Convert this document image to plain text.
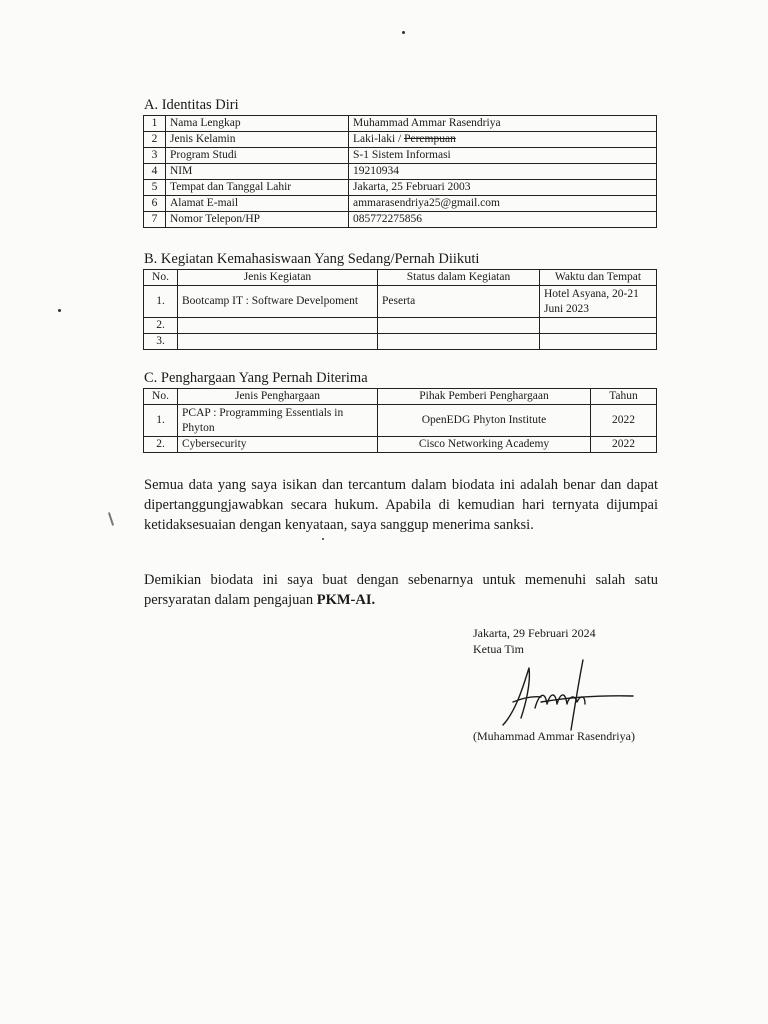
A. Identitas Diri
1	Nama Lengkap	Muhammad Ammar Rasendriya
2	Jenis Kelamin	Laki-laki / Perempuan
3	Program Studi	S-1 Sistem Informasi
4	NIM	19210934
5	Tempat dan Tanggal Lahir	Jakarta, 25 Februari 2003
6	Alamat E-mail	ammarasendriya25@gmail.com
7	Nomor Telepon/HP	085772275856
B. Kegiatan Kemahasiswaan Yang Sedang/Pernah Diikuti
No.	Jenis Kegiatan	Status dalam Kegiatan	Waktu dan Tempat
1.	Bootcamp IT : Software Develpoment	Peserta	Hotel Asyana, 20-21 Juni 2023
2.			
3.			
C. Penghargaan Yang Pernah Diterima
No.	Jenis Penghargaan	Pihak Pemberi Penghargaan	Tahun
1.	PCAP : Programming Essentials in Phyton	OpenEDG Phyton Institute	2022
2.	Cybersecurity	Cisco Networking Academy	2022
Semua data yang saya isikan dan tercantum dalam biodata ini adalah benar dan dapat dipertanggungjawabkan secara hukum. Apabila di kemudian hari ternyata dijumpai ketidaksesuaian dengan kenyataan, saya sanggup menerima sanksi.
Demikian biodata ini saya buat dengan sebenarnya untuk memenuhi salah satu persyaratan dalam pengajuan PKM-AI.
Jakarta, 29 Februari 2024
Ketua Tim
(Muhammad Ammar Rasendriya)
